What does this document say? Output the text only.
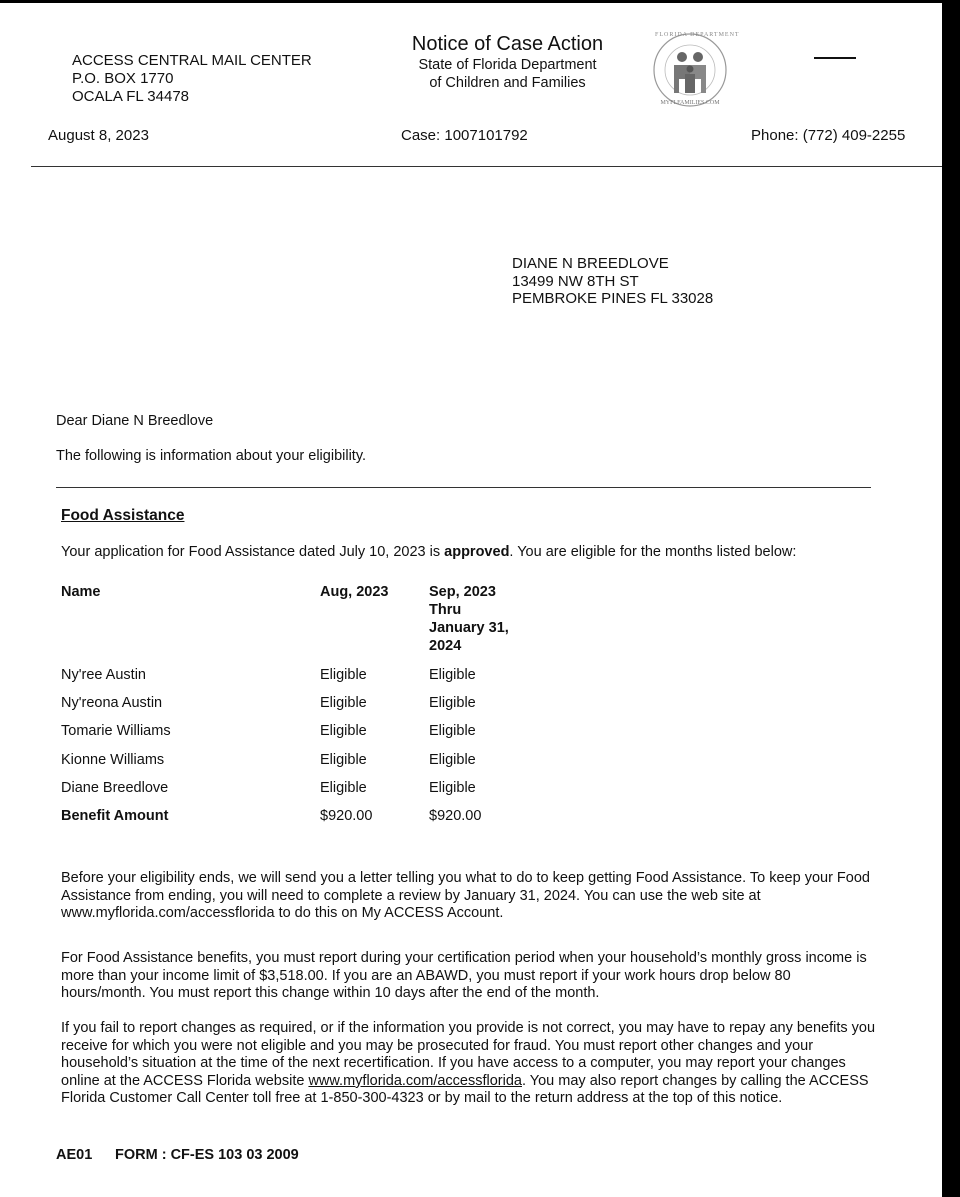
ACCESS CENTRAL MAIL CENTER
P.O. BOX 1770
OCALA FL 34478
Notice of Case Action
State of Florida Department
of Children and Families
FLORIDA DEPARTMENT
MYFLFAMILIES.COM
August 8, 2023	Case: 1007101792	Phone: (772) 409-2255
DIANE N BREEDLOVE
13499 NW 8TH ST
PEMBROKE PINES FL 33028
Dear Diane N Breedlove
The following is information about your eligibility.
Food Assistance
Your application for Food Assistance dated July 10, 2023 is approved. You are eligible for the months listed below:
Name	Aug, 2023	Sep, 2023
Thru
January 31,
2024
Ny'ree Austin	Eligible	Eligible
Ny'reona Austin	Eligible	Eligible
Tomarie Williams	Eligible	Eligible
Kionne Williams	Eligible	Eligible
Diane Breedlove	Eligible	Eligible
Benefit Amount	$920.00	$920.00
Before your eligibility ends, we will send you a letter telling you what to do to keep getting Food Assistance. To keep your Food Assistance from ending, you will need to complete a review by January 31, 2024. You can use the web site at www.myflorida.com/accessflorida to do this on My ACCESS Account.
For Food Assistance benefits, you must report during your certification period when your household’s monthly gross income is more than your income limit of $3,518.00. If you are an ABAWD, you must report if your work hours drop below 80 hours/month. You must report this change within 10 days after the end of the month.
If you fail to report changes as required, or if the information you provide is not correct, you may have to repay any benefits you receive for which you were not eligible and you may be prosecuted for fraud. You must report other changes and your household’s situation at the time of the next recertification. If you have access to a computer, you may report your changes online at the ACCESS Florida website www.myflorida.com/accessflorida. You may also report changes by calling the ACCESS Florida Customer Call Center toll free at 1-850-300-4323 or by mail to the return address at the top of this notice.
AE01 FORM : CF-ES 103 03 2009
